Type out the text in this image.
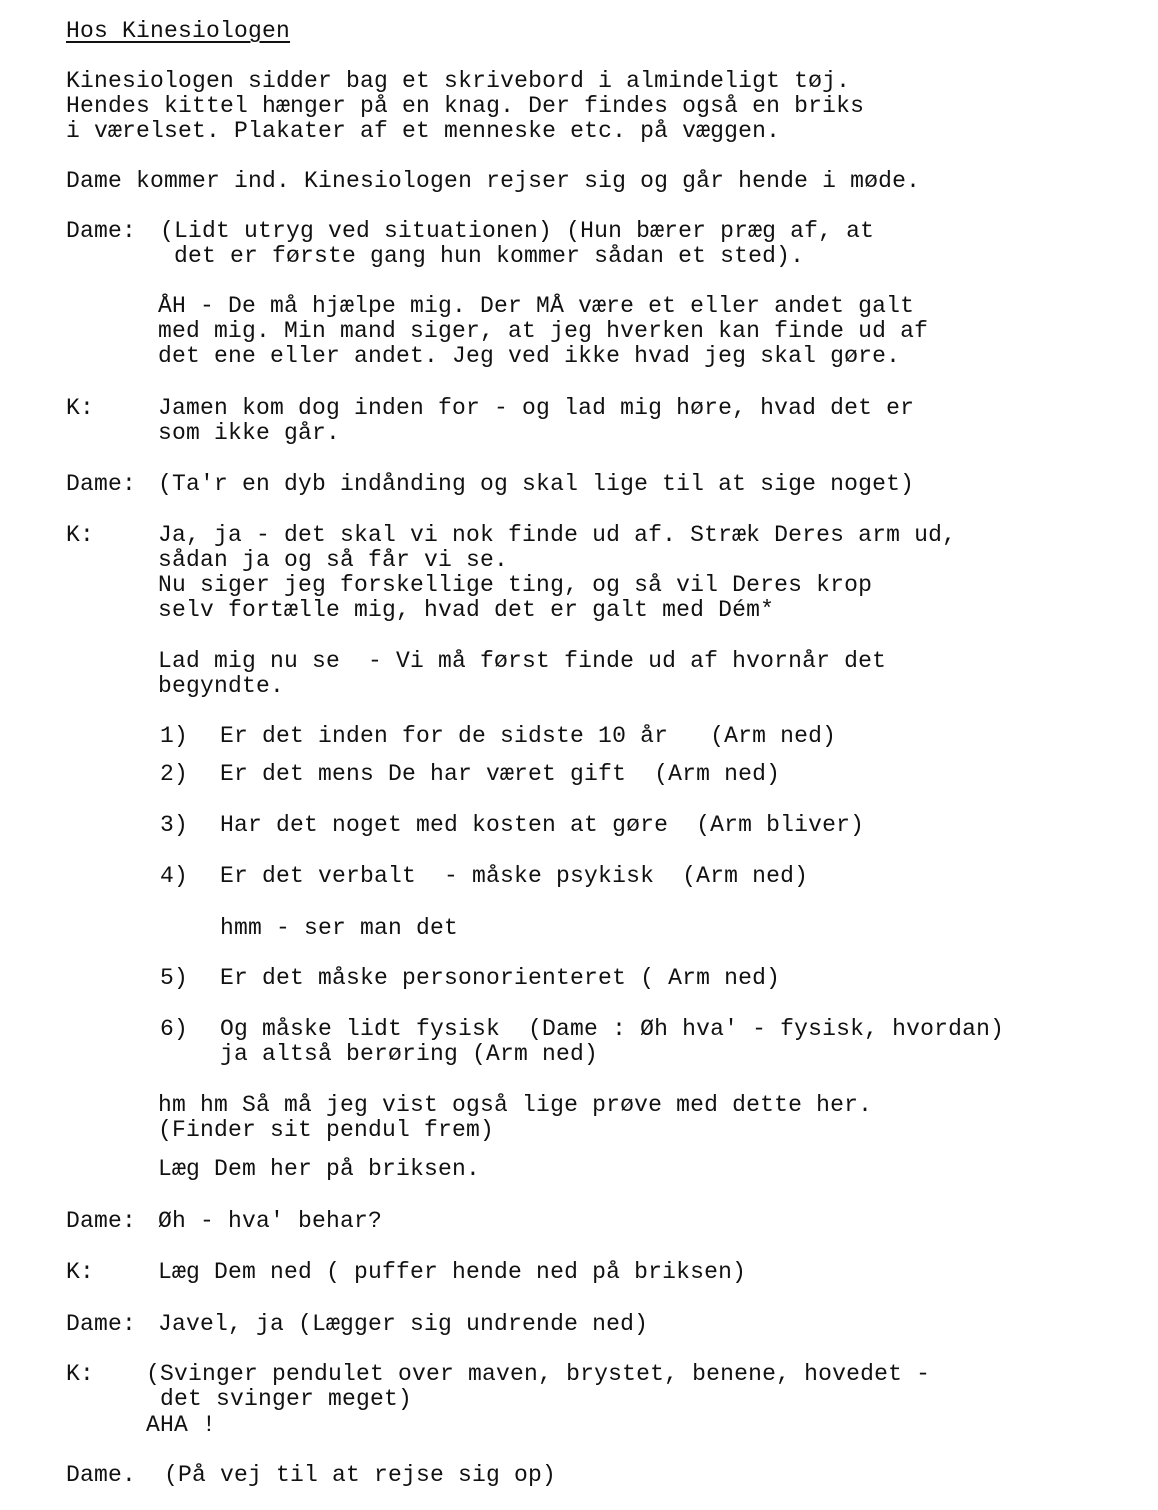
Hos Kinesiologen
Kinesiologen sidder bag et skrivebord i almindeligt tøj.
Hendes kittel hænger på en knag. Der findes også en briks
i værelset. Plakater af et menneske etc. på væggen.
Dame kommer ind. Kinesiologen rejser sig og går hende i møde.
Dame: (Lidt utryg ved situationen) (Hun bærer præg af, at
det er første gang hun kommer sådan et sted).
ÅH - De må hjælpe mig. Der MÅ være et eller andet galt
med mig. Min mand siger, at jeg hverken kan finde ud af
det ene eller andet. Jeg ved ikke hvad jeg skal gøre.
K:	Jamen kom dog inden for - og lad mig høre, hvad det er
som ikke går.
Dame: (Ta'r en dyb indånding og skal lige til at sige noget)
K:	Ja, ja - det skal vi nok finde ud af. Stræk Deres arm ud,
sådan ja og så får vi se.
Nu siger jeg forskellige ting, og så vil Deres krop
selv fortælle mig, hvad det er galt med Dém*
Lad mig nu se  - Vi må først finde ud af hvornår det
begyndte.
1) Er det inden for de sidste 10 år   (Arm ned)
2) Er det mens De har været gift  (Arm ned)
3) Har det noget med kosten at gøre  (Arm bliver)
4) Er det verbalt  - måske psykisk  (Arm ned)
hmm - ser man det
5) Er det måske personorienteret ( Arm ned)
6) Og måske lidt fysisk  (Dame : Øh hva' - fysisk, hvordan)
ja altså berøring (Arm ned)
hm hm Så må jeg vist også lige prøve med dette her.
(Finder sit pendul frem)
Læg Dem her på briksen.
Dame: Øh - hva' behar?
K:	Læg Dem ned ( puffer hende ned på briksen)
Dame: Javel, ja (Lægger sig undrende ned)
K: (Svinger pendulet over maven, brystet, benene, hovedet -
det svinger meget)
AHA !
Dame. (På vej til at rejse sig op)
